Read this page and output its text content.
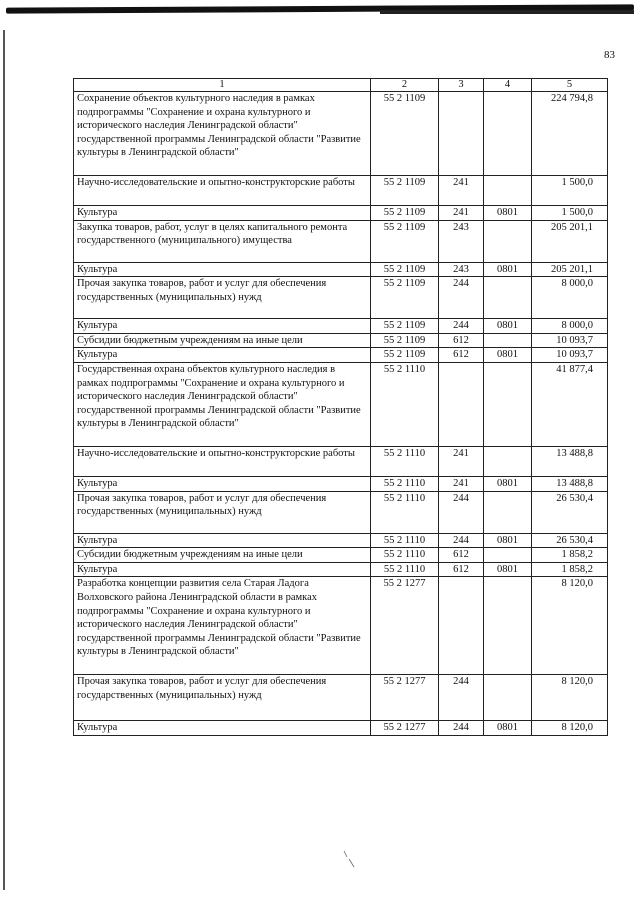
83
1	2	3	4	5
Сохранение объектов культурного наследия в рамках подпрограммы "Сохранение и охрана культурного и исторического наследия Ленинградской области" государственной программы Ленинградской области "Развитие культуры в Ленинградской области"	55 2 1109			224 794,8
Научно-исследовательские и опытно-конструкторские работы	55 2 1109	241		1 500,0
Культура	55 2 1109	241	0801	1 500,0
Закупка товаров, работ, услуг в целях капитального ремонта государственного (муниципального) имущества	55 2 1109	243		205 201,1
Культура	55 2 1109	243	0801	205 201,1
Прочая закупка товаров, работ и услуг для обеспечения государственных (муниципальных) нужд	55 2 1109	244		8 000,0
Культура	55 2 1109	244	0801	8 000,0
Субсидии бюджетным учреждениям на иные цели	55 2 1109	612		10 093,7
Культура	55 2 1109	612	0801	10 093,7
Государственная охрана объектов культурного наследия в рамках подпрограммы "Сохранение и охрана культурного и исторического наследия Ленинградской области" государственной программы Ленинградской области "Развитие культуры в Ленинградской области"	55 2 1110			41 877,4
Научно-исследовательские и опытно-конструкторские работы	55 2 1110	241		13 488,8
Культура	55 2 1110	241	0801	13 488,8
Прочая закупка товаров, работ и услуг для обеспечения государственных (муниципальных) нужд	55 2 1110	244		26 530,4
Культура	55 2 1110	244	0801	26 530,4
Субсидии бюджетным учреждениям на иные цели	55 2 1110	612		1 858,2
Культура	55 2 1110	612	0801	1 858,2
Разработка концепции развития села Старая Ладога Волховского района Ленинградской области в рамках подпрограммы "Сохранение и охрана культурного и исторического наследия Ленинградской области" государственной программы Ленинградской области "Развитие культуры в Ленинградской области"	55 2 1277			8 120,0
Прочая закупка товаров, работ и услуг для обеспечения государственных (муниципальных) нужд	55 2 1277	244		8 120,0
Культура	55 2 1277	244	0801	8 120,0
